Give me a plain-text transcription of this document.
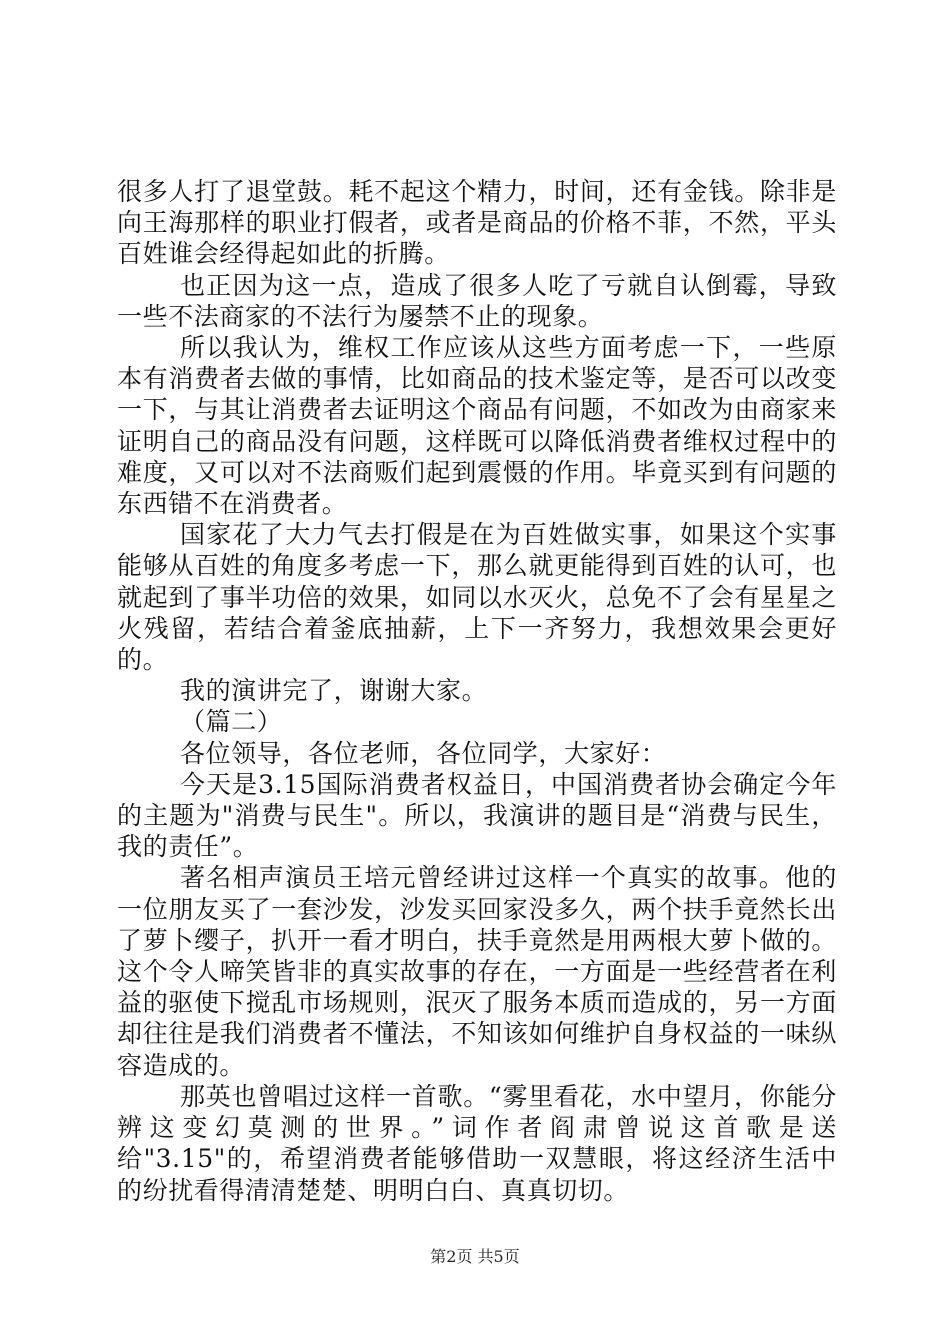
很多人打了退堂鼓。耗不起这个精力，时间，还有金钱。除非是向王海那样的职业打假者，或者是商品的价格不菲，不然，平头百姓谁会经得起如此的折腾。

也正因为这一点，造成了很多人吃了亏就自认倒霉，导致一些不法商家的不法行为屡禁不止的现象。

所以我认为，维权工作应该从这些方面考虑一下，一些原本有消费者去做的事情，比如商品的技术鉴定等，是否可以改变一下，与其让消费者去证明这个商品有问题，不如改为由商家来证明自己的商品没有问题，这样既可以降低消费者维权过程中的难度，又可以对不法商贩们起到震慑的作用。毕竟买到有问题的东西错不在消费者。

国家花了大力气去打假是在为百姓做实事，如果这个实事能够从百姓的角度多考虑一下，那么就更能得到百姓的认可，也就起到了事半功倍的效果，如同以水灭火，总免不了会有星星之火残留，若结合着釜底抽薪，上下一齐努力，我想效果会更好的。

我的演讲完了，谢谢大家。

（篇二）

各位领导，各位老师，各位同学，大家好：

今天是3.15国际消费者权益日，中国消费者协会确定今年的主题为"消费与民生"。所以，我演讲的题目是“消费与民生，我的责任”。

著名相声演员王培元曾经讲过这样一个真实的故事。他的一位朋友买了一套沙发，沙发买回家没多久，两个扶手竟然长出了萝卜缨子，扒开一看才明白，扶手竟然是用两根大萝卜做的。这个令人啼笑皆非的真实故事的存在，一方面是一些经营者在利益的驱使下搅乱市场规则，泯灭了服务本质而造成的，另一方面却往往是我们消费者不懂法，不知该如何维护自身权益的一味纵容造成的。

那英也曾唱过这样一首歌。“雾里看花，水中望月，你能分辨这变幻莫测的世界。”词作者阎肃曾说这首歌是送给"3.15"的，希望消费者能够借助一双慧眼，将这经济生活中的纷扰看得清清楚楚、明明白白、真真切切。

第2页 共5页
